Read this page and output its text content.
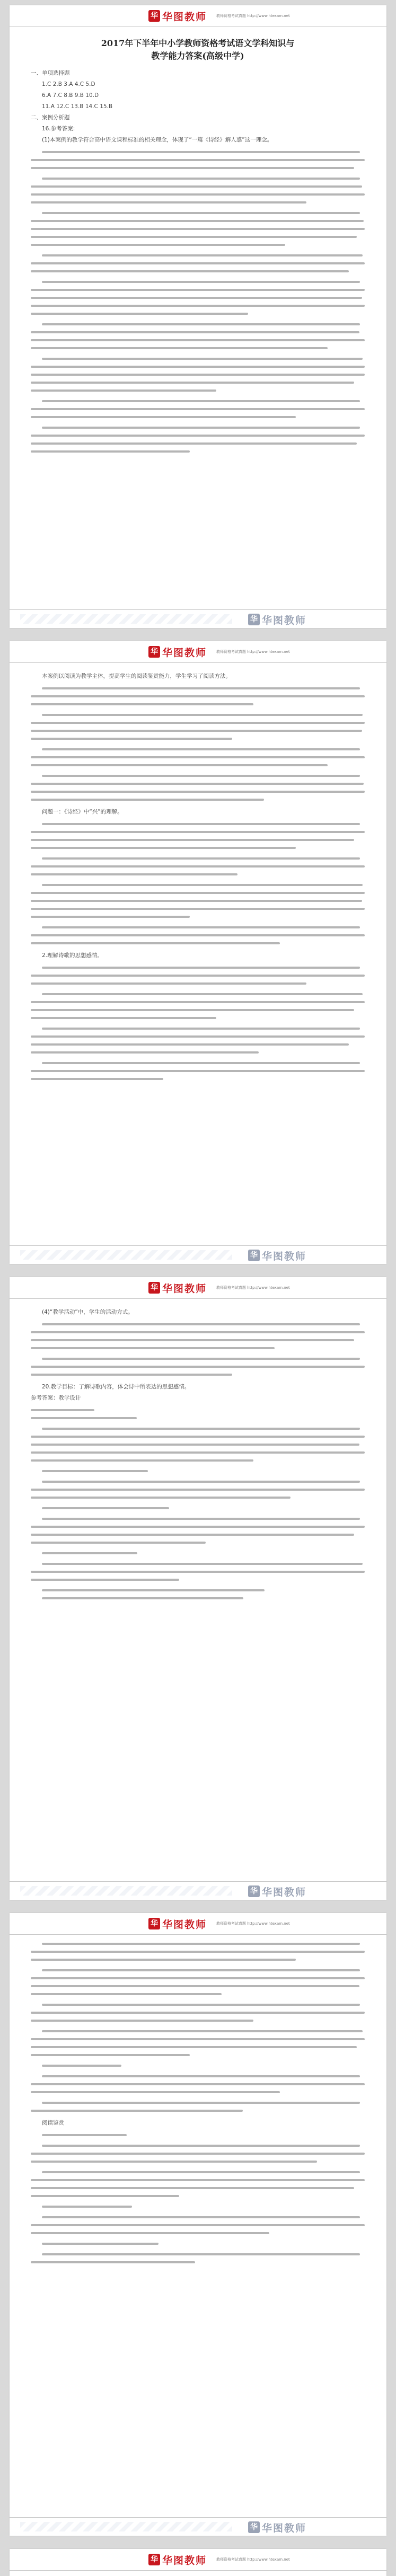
华 华图教师	教师资格考试真题 http://www.htexam.net
2017年下半年中小学教师资格考试语文学科知识与
教学能力答案(高级中学)

一、单项选择题

1.C 2.B 3.A 4.C 5.D

6.A 7.C 8.B 9.B 10.D

11.A 12.C 13.B 14.C 15.B

二、案例分析题

16.参考答案:

(1)本案例的教学符合高中语文课程标准的相关理念，体现了“一篇《诗经》解人惑”这一理念。

华 华图教师
华 华图教师	教师资格考试真题 http://www.htexam.net

本案例以阅读为教学主体，提高学生的阅读鉴赏能力，学生学习了阅读方法。

问题一：《诗经》中“兴”的理解。

2.理解诗歌的思想感情。

华 华图教师
华 华图教师	教师资格考试真题 http://www.htexam.net

(4)“教学活动”中，学生的活动方式。

20.教学目标：了解诗歌内容，体会诗中所表达的思想感情。

参考答案：教学设计

华 华图教师
华 华图教师	教师资格考试真题 http://www.htexam.net

阅读鉴赏

华 华图教师
华 华图教师	教师资格考试真题 http://www.htexam.net
